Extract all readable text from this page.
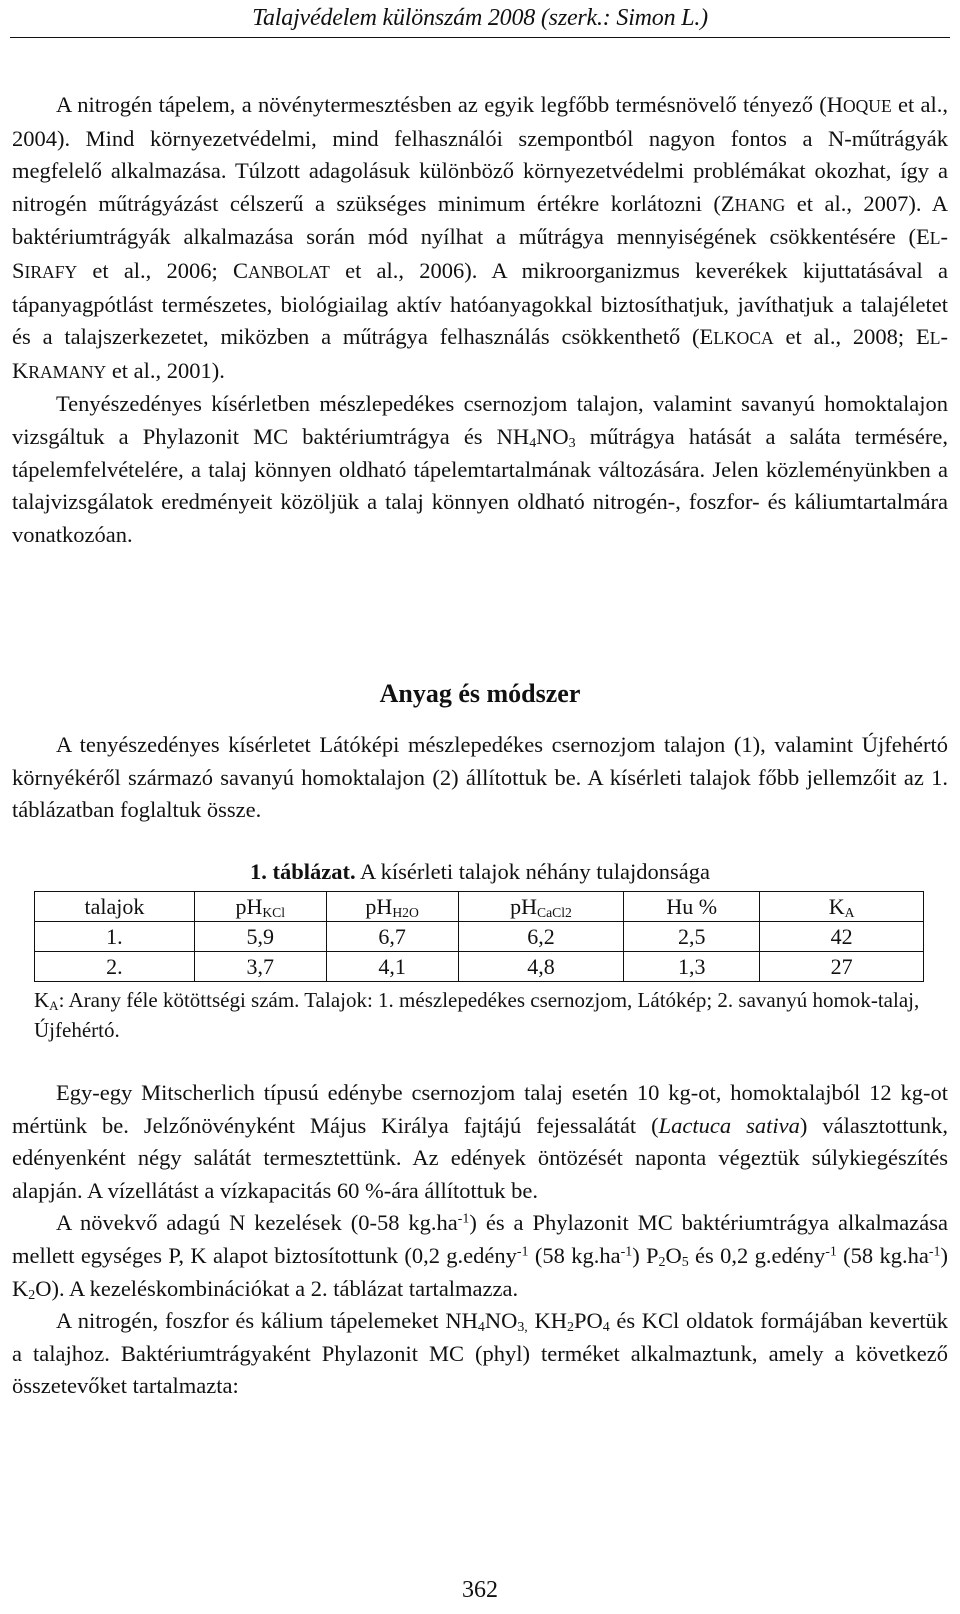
Talajvédelem különszám 2008 (szerk.: Simon L.)

A nitrogén tápelem, a növénytermesztésben az egyik legfőbb termésnövelő tényező (HOQUE et al., 2004). Mind környezetvédelmi, mind felhasználói szempontból nagyon fontos a N-műtrágyák megfelelő alkalmazása. Túlzott adagolásuk különböző környezetvédelmi problémákat okozhat, így a nitrogén műtrágyázást célszerű a szükséges minimum értékre korlátozni (ZHANG et al., 2007). A baktériumtrágyák alkalmazása során mód nyílhat a műtrágya mennyiségének csökkentésére (EL-SIRAFY et al., 2006; CANBOLAT et al., 2006). A mikroorganizmus keverékek kijuttatásával a tápanyagpótlást természetes, biológiailag aktív hatóanyagokkal biztosíthatjuk, javíthatjuk a talajéletet és a talajszerkezetet, miközben a műtrágya felhasználás csökkenthető (ELKOCA et al., 2008; EL-KRAMANY et al., 2001).

Tenyészedényes kísérletben mészlepedékes csernozjom talajon, valamint savanyú homoktalajon vizsgáltuk a Phylazonit MC baktériumtrágya és $NH_4NO_3$ műtrágya hatását a saláta termésére, tápelemfelvételére, a talaj könnyen oldható tápelemtartalmának változására. Jelen közleményünkben a talajvizsgálatok eredményeit közöljük a talaj könnyen oldható nitrogén-, foszfor- és káliumtartalmára vonatkozóan.

Anyag és módszer

A tenyészedényes kísérletet Látóképi mészlepedékes csernozjom talajon (1), valamint Újfehértó környékéről származó savanyú homoktalajon (2) állítottuk be. A kísérleti talajok főbb jellemzőit az 1. táblázatban foglaltuk össze.

1. táblázat. A kísérleti talajok néhány tulajdonsága
talajok	$pH_{KCl}$	$pH_{H2O}$	$pH_{CaCl2}$	Hu %	$K_A$
1.	5,9	6,7	6,2	2,5	42
2.	3,7	4,1	4,8	1,3	27
$K_A$: Arany féle kötöttségi szám. Talajok: 1. mészlepedékes csernozjom, Látókép; 2. savanyú homok-talaj, Újfehértó.

Egy-egy Mitscherlich típusú edénybe csernozjom talaj esetén 10 kg-ot, homoktalajból 12 kg-ot mértünk be. Jelzőnövényként Május Királya fajtájú fejessalátát (Lactuca sativa) választottunk, edényenként négy salátát termesztettünk. Az edények öntözését naponta végeztük súlykiegészítés alapján. A vízellátást a vízkapacitás 60 %-ára állítottuk be.

A növekvő adagú N kezelések (0-58 $kg.ha^{-1}$) és a Phylazonit MC baktériumtrágya alkalmazása mellett egységes P, K alapot biztosítottunk (0,2 g.edény$^{-1}$ (58 $kg.ha^{-1}$) $P_2O_5$ és 0,2 g.edény$^{-1}$ (58 $kg.ha^{-1}$) $K_2O$). A kezeléskombinációkat a 2. táblázat tartalmazza.

A nitrogén, foszfor és kálium tápelemeket $NH_4NO_{3,}$ $KH_2PO_4$ és KCl oldatok formájában kevertük a talajhoz. Baktériumtrágyaként Phylazonit MC (phyl) terméket alkalmaztunk, amely a következő összetevőket tartalmazta:

362
